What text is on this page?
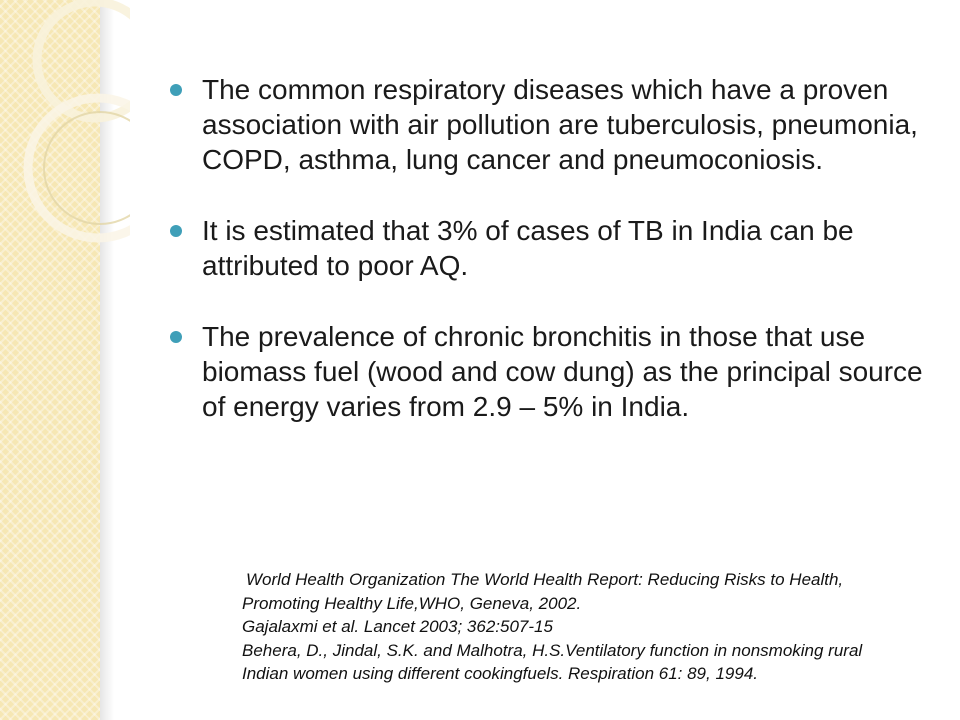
The common respiratory diseases which have a proven association with air pollution are tuberculosis, pneumonia, COPD, asthma, lung cancer and pneumoconiosis.
It is estimated that 3% of cases of TB in India can be attributed to poor AQ.
The prevalence of chronic bronchitis in those that use biomass fuel (wood and cow dung) as the principal source of energy varies from 2.9 – 5% in India.
World Health Organization The World Health Report: Reducing Risks to Health,
Promoting Healthy Life,WHO, Geneva, 2002.
Gajalaxmi et al. Lancet 2003; 362:507-15
Behera, D., Jindal, S.K. and Malhotra, H.S.Ventilatory function in nonsmoking rural
Indian women using different cookingfuels. Respiration 61: 89, 1994.
